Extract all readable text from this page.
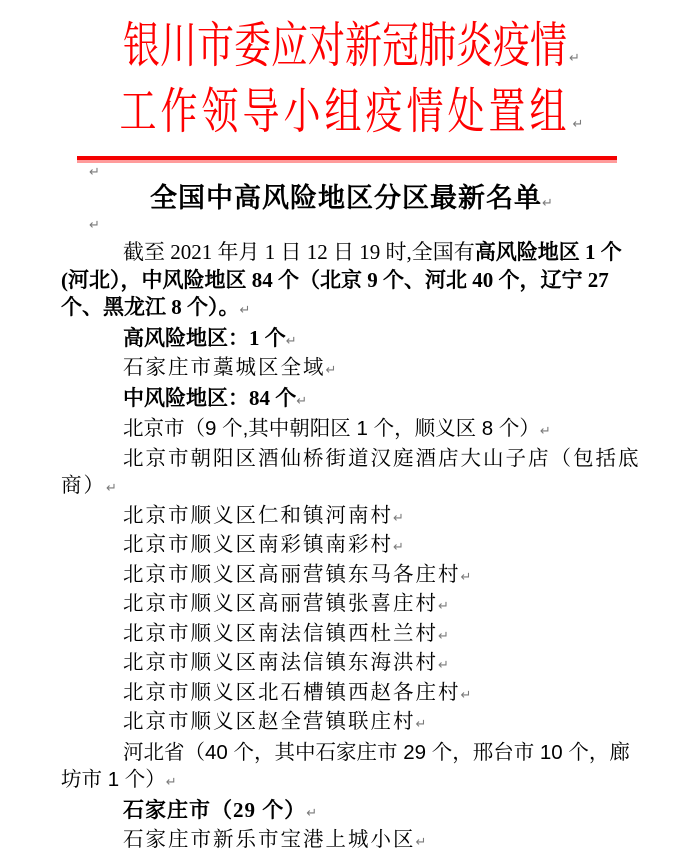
银川市委应对新冠肺炎疫情 ↵
工作领导小组疫情处置组 ↵
↵
全国中高风险地区分区最新名单↵
↵

截至 2021 年月 1 日 12 日 19 时,全国有高风险地区 1 个(河北），中风险地区 84 个（北京 9 个、河北 40 个，辽宁 27 个、黑龙江 8 个）。↵

高风险地区：1 个↵

石家庄市藁城区全域↵

中风险地区：84 个↵

北京市（9 个,其中朝阳区 1 个，顺义区 8 个）↵

北京市朝阳区酒仙桥街道汉庭酒店大山子店（包括底商）↵

北京市顺义区仁和镇河南村↵

北京市顺义区南彩镇南彩村↵

北京市顺义区高丽营镇东马各庄村↵

北京市顺义区高丽营镇张喜庄村↵

北京市顺义区南法信镇西杜兰村↵

北京市顺义区南法信镇东海洪村↵

北京市顺义区北石槽镇西赵各庄村↵

北京市顺义区赵全营镇联庄村↵

河北省（40 个，其中石家庄市 29 个，邢台市 10 个，廊坊市 1 个）↵

石家庄市（29 个）↵

石家庄市新乐市宝港上城小区↵
